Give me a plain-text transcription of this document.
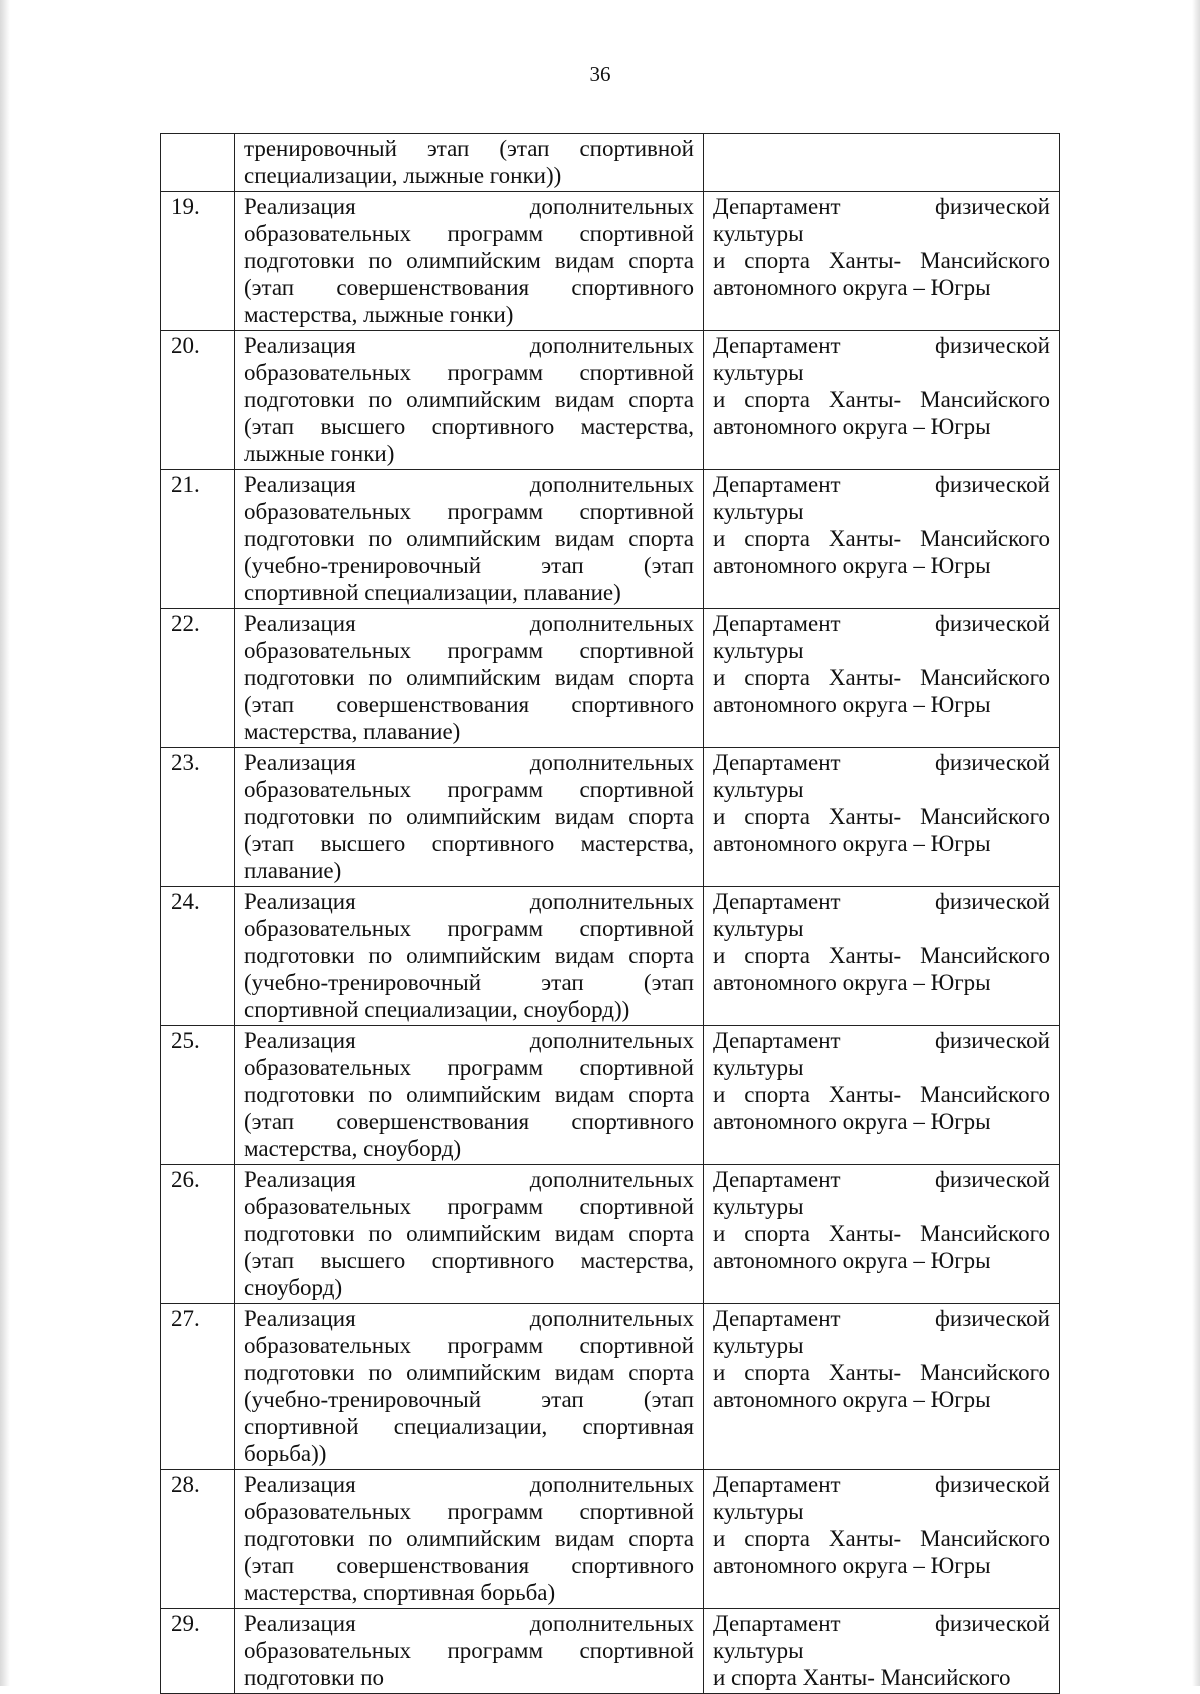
36
	тренировочный этап (этап спортивной специализации, лыжные гонки))	
19.	Реализация дополнительных образовательных программ спортивной подготовки по олимпийским видам спорта (этап совершенствования спортивного мастерства, лыжные гонки)	Департамент физической культуры
и спорта Ханты- Мансийского
автономного округа – Югры

20.	Реализация дополнительных образовательных программ спортивной подготовки по олимпийским видам спорта (этап высшего спортивного мастерства, лыжные гонки)	Департамент физической культуры
и спорта Ханты- Мансийского
автономного округа – Югры

21.	Реализация дополнительных образовательных программ спортивной подготовки по олимпийским видам спорта (учебно-тренировочный этап (этап спортивной специализации, плавание)	Департамент физической культуры
и спорта Ханты- Мансийского
автономного округа – Югры

22.	Реализация дополнительных образовательных программ спортивной подготовки по олимпийским видам спорта (этап совершенствования спортивного мастерства, плавание)	Департамент физической культуры
и спорта Ханты- Мансийского
автономного округа – Югры

23.	Реализация дополнительных образовательных программ спортивной подготовки по олимпийским видам спорта (этап высшего спортивного мастерства, плавание)	Департамент физической культуры
и спорта Ханты- Мансийского
автономного округа – Югры

24.	Реализация дополнительных образовательных программ спортивной подготовки по олимпийским видам спорта (учебно-тренировочный этап (этап спортивной специализации, сноуборд))	Департамент физической культуры
и спорта Ханты- Мансийского
автономного округа – Югры

25.	Реализация дополнительных образовательных программ спортивной подготовки по олимпийским видам спорта (этап совершенствования спортивного мастерства, сноуборд)	Департамент физической культуры
и спорта Ханты- Мансийского
автономного округа – Югры

26.	Реализация дополнительных образовательных программ спортивной подготовки по олимпийским видам спорта (этап высшего спортивного мастерства, сноуборд)	Департамент физической культуры
и спорта Ханты- Мансийского
автономного округа – Югры

27.	Реализация дополнительных образовательных программ спортивной подготовки по олимпийским видам спорта (учебно-тренировочный этап (этап спортивной специализации, спортивная борьба))	Департамент физической культуры
и спорта Ханты- Мансийского
автономного округа – Югры

28.	Реализация дополнительных образовательных программ спортивной подготовки по олимпийским видам спорта (этап совершенствования спортивного мастерства, спортивная борьба)	Департамент физической культуры
и спорта Ханты- Мансийского
автономного округа – Югры

29.	Реализация дополнительных образовательных программ спортивной подготовки по	Департамент физической культуры
и спорта Ханты- Мансийского
